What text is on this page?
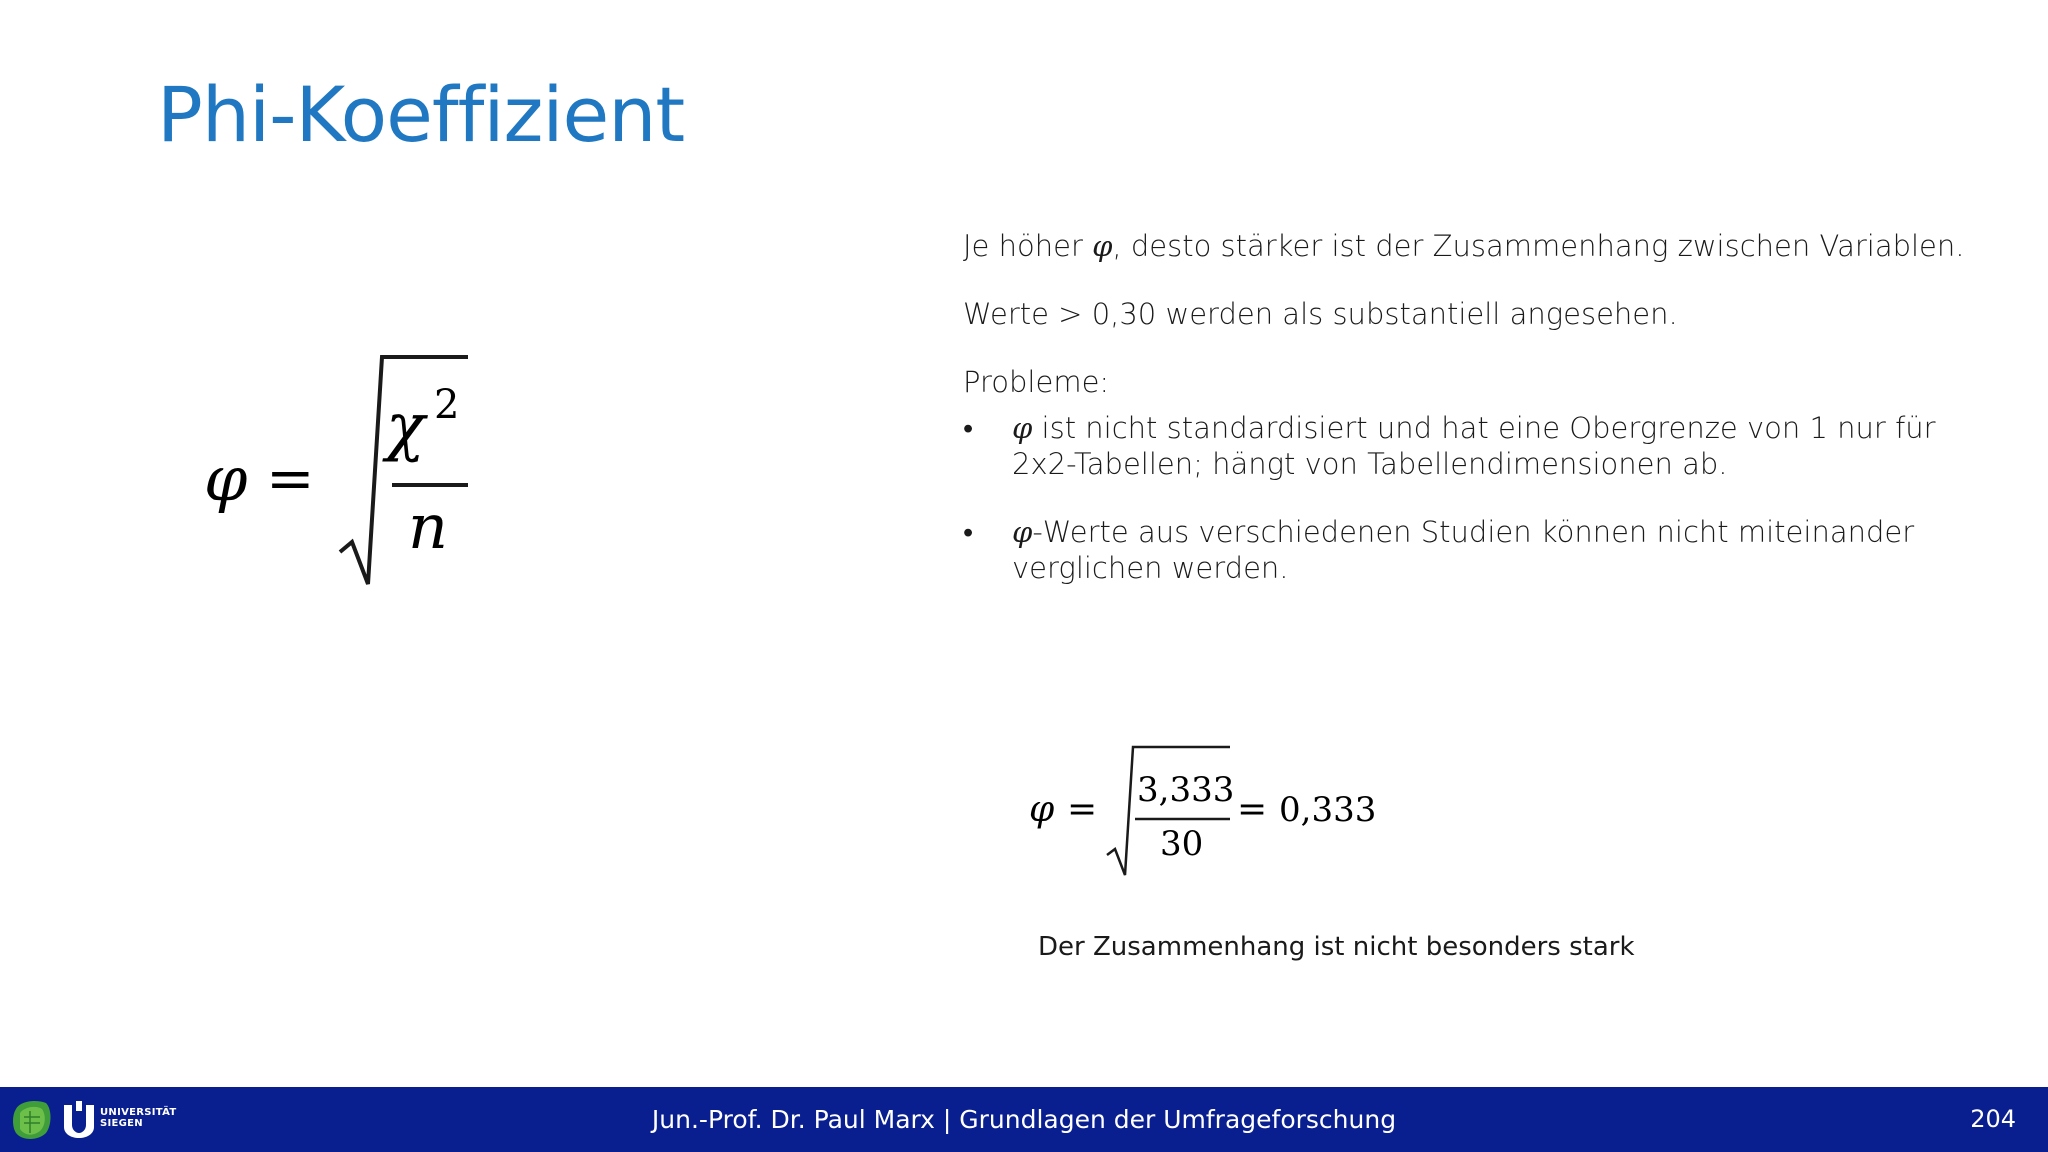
Phi-Koeffizient
φ =
χ 2
n

Je höher φ, desto stärker ist der Zusammenhang zwischen Variablen.

Werte > 0,30 werden als substantiell angesehen.

Probleme:

• φ ist nicht standardisiert und hat eine Obergrenze von 1 nur für 2x2-Tabellen; hängt von Tabellendimensionen ab.
• φ-Werte aus verschiedenen Studien können nicht miteinander verglichen werden.
φ = 3,333
30
= 0,333
Der Zusammenhang ist nicht besonders stark
UNIVERSITÄT
SIEGEN	Jun.-Prof. Dr. Paul Marx | Grundlagen der Umfrageforschung	204
